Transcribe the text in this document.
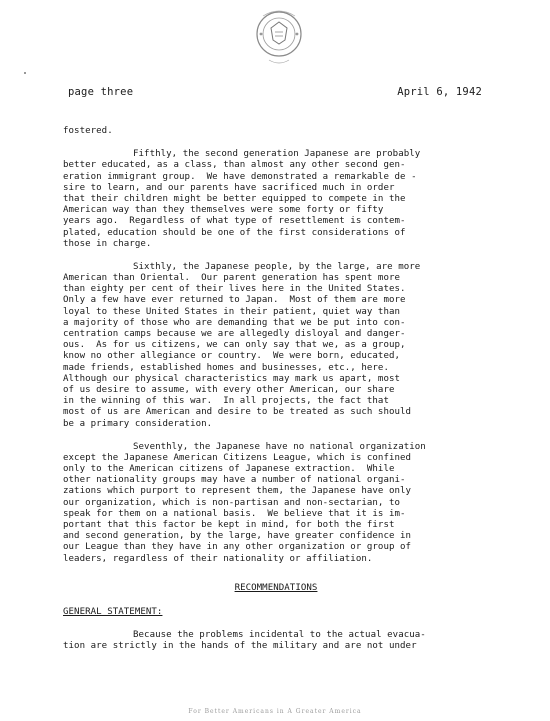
page three	April 6, 1942
fostered.
Fifthly, the second generation Japanese are probably
better educated, as a class, than almost any other second gen-
eration immigrant group.  We have demonstrated a remarkable de -
sire to learn, and our parents have sacrificed much in order
that their children might be better equipped to compete in the
American way than they themselves were some forty or fifty
years ago.  Regardless of what type of resettlement is contem-
plated, education should be one of the first considerations of
those in charge.
Sixthly, the Japanese people, by the large, are more
American than Oriental.  Our parent generation has spent more
than eighty per cent of their lives here in the United States.
Only a few have ever returned to Japan.  Most of them are more
loyal to these United States in their patient, quiet way than
a majority of those who are demanding that we be put into con-
centration camps because we are allegedly disloyal and danger-
ous.  As for us citizens, we can only say that we, as a group,
know no other allegiance or country.  We were born, educated,
made friends, established homes and businesses, etc., here.
Although our physical characteristics may mark us apart, most
of us desire to assume, with every other American, our share
in the winning of this war.  In all projects, the fact that
most of us are American and desire to be treated as such should
be a primary consideration.
Seventhly, the Japanese have no national organization
except the Japanese American Citizens League, which is confined
only to the American citizens of Japanese extraction.  While
other nationality groups may have a number of national organi-
zations which purport to represent them, the Japanese have only
our organization, which is non-partisan and non-sectarian, to
speak for them on a national basis.  We believe that it is im-
portant that this factor be kept in mind, for both the first
and second generation, by the large, have greater confidence in
our League than they have in any other organization or group of
leaders, regardless of their nationality or affiliation.
RECOMMENDATIONS
GENERAL STATEMENT:
Because the problems incidental to the actual evacua-
tion are strictly in the hands of the military and are not under
For Better Americans in A Greater America
